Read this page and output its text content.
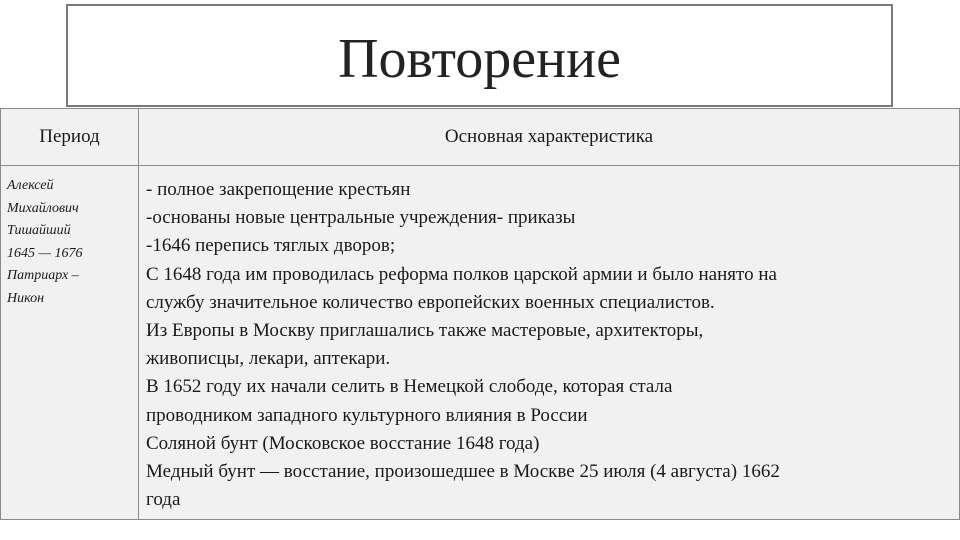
Повторение
Период	Основная характеристика
Алексей
Михайлович
Тишайший
1645 — 1676
Патриарх –
Никон
- полное закрепощение крестьян
-основаны новые центральные учреждения- приказы
-1646 перепись тяглых дворов;
С 1648 года им проводилась реформа полков царской армии и было нанято на
службу значительное количество европейских военных специалистов.
Из Европы в Москву приглашались также мастеровые, архитекторы,
живописцы, лекари, аптекари.
В 1652 году их начали селить в Немецкой слободе, которая стала
проводником западного культурного влияния в России
Соляной бунт (Московское восстание 1648 года)
Медный бунт — восстание, произошедшее в Москве 25 июля (4 августа) 1662
года
